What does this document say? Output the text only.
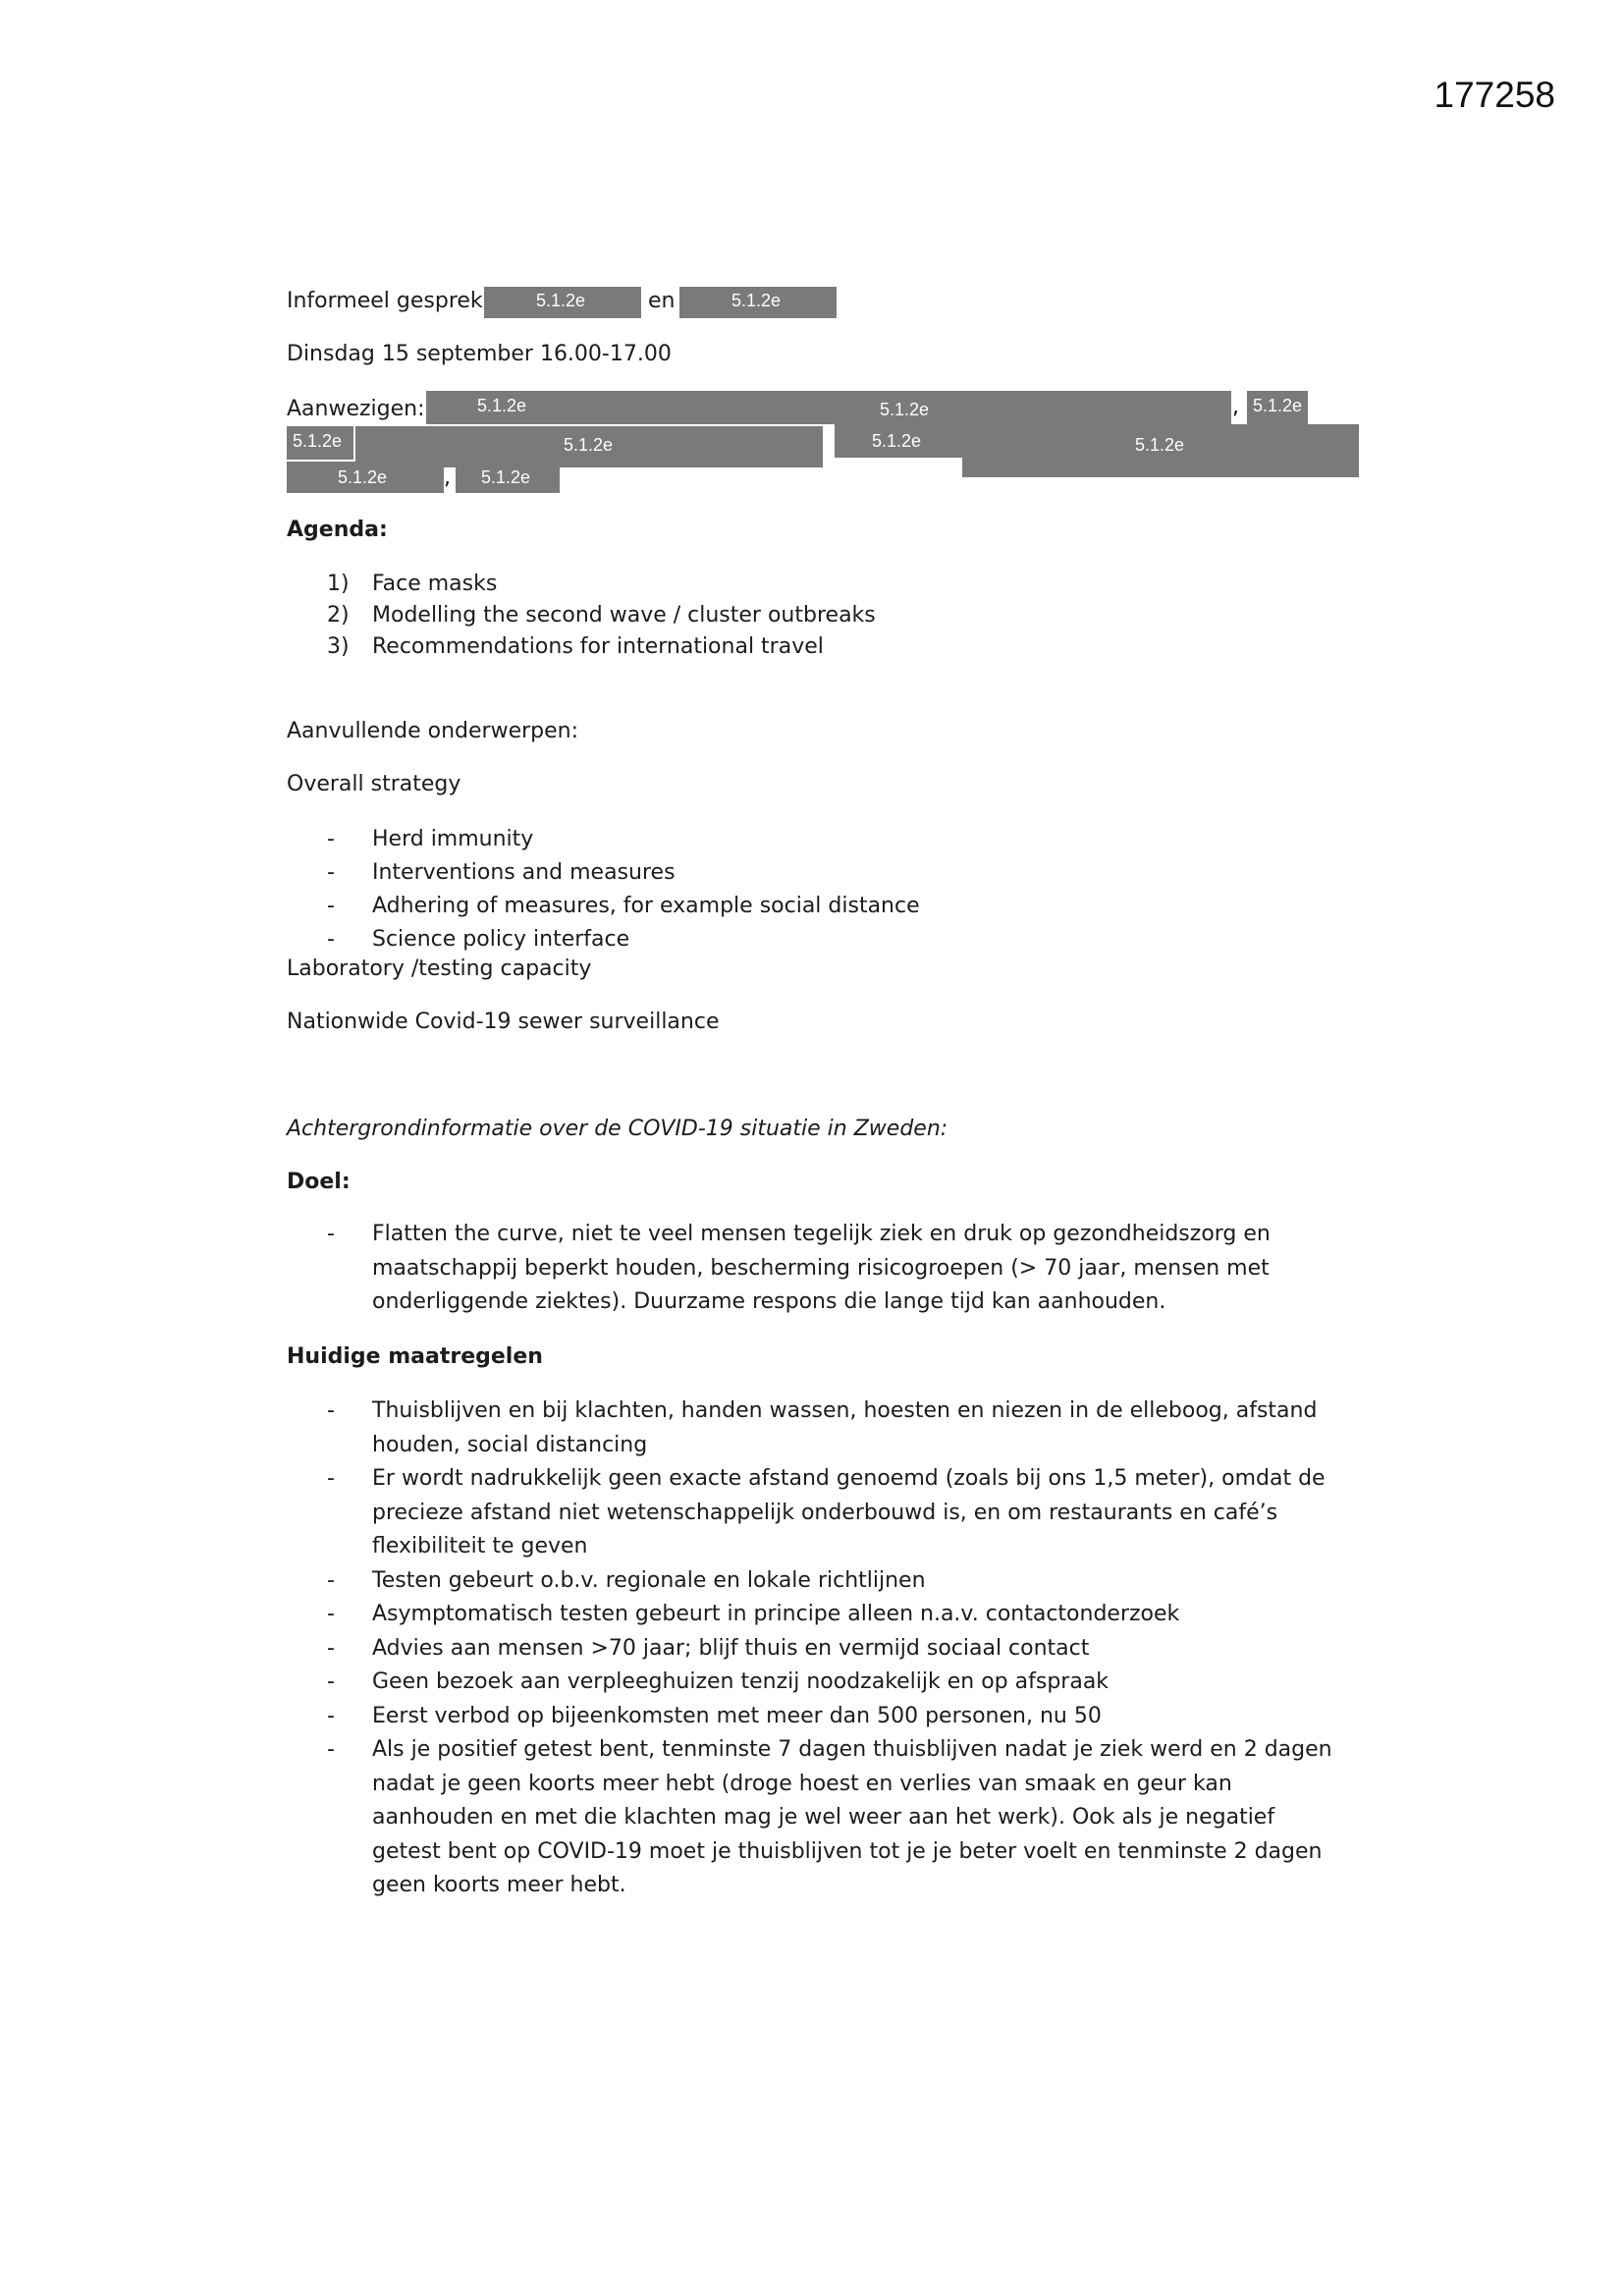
177258
Informeel gesprek	5.1.2e	en	5.1.2e
Dinsdag 15 september 16.00-17.00
Aanwezigen:	5.1.2e	5.1.2e	, 5.1.2e
5.1.2e	5.1.2e	5.1.2e	5.1.2e
5.1.2e	, 5.1.2e
Agenda:
1) Face masks
2) Modelling the second wave / cluster outbreaks
3) Recommendations for international travel
Aanvullende onderwerpen:
Overall strategy
- Herd immunity
- Interventions and measures
- Adhering of measures, for example social distance
- Science policy interface
Laboratory /testing capacity
Nationwide Covid-19 sewer surveillance
Achtergrondinformatie over de COVID-19 situatie in Zweden:
Doel:
- Flatten the curve, niet te veel mensen tegelijk ziek en druk op gezondheidszorg en maatschappij beperkt houden, bescherming risicogroepen (> 70 jaar, mensen met onderliggende ziektes). Duurzame respons die lange tijd kan aanhouden.
Huidige maatregelen
- Thuisblijven en bij klachten, handen wassen, hoesten en niezen in de elleboog, afstand houden, social distancing
- Er wordt nadrukkelijk geen exacte afstand genoemd (zoals bij ons 1,5 meter), omdat de precieze afstand niet wetenschappelijk onderbouwd is, en om restaurants en café’s flexibiliteit te geven
- Testen gebeurt o.b.v. regionale en lokale richtlijnen
- Asymptomatisch testen gebeurt in principe alleen n.a.v. contactonderzoek
- Advies aan mensen >70 jaar; blijf thuis en vermijd sociaal contact
- Geen bezoek aan verpleeghuizen tenzij noodzakelijk en op afspraak
- Eerst verbod op bijeenkomsten met meer dan 500 personen, nu 50
- Als je positief getest bent, tenminste 7 dagen thuisblijven nadat je ziek werd en 2 dagen nadat je geen koorts meer hebt (droge hoest en verlies van smaak en geur kan aanhouden en met die klachten mag je wel weer aan het werk). Ook als je negatief getest bent op COVID-19 moet je thuisblijven tot je je beter voelt en tenminste 2 dagen geen koorts meer hebt.
